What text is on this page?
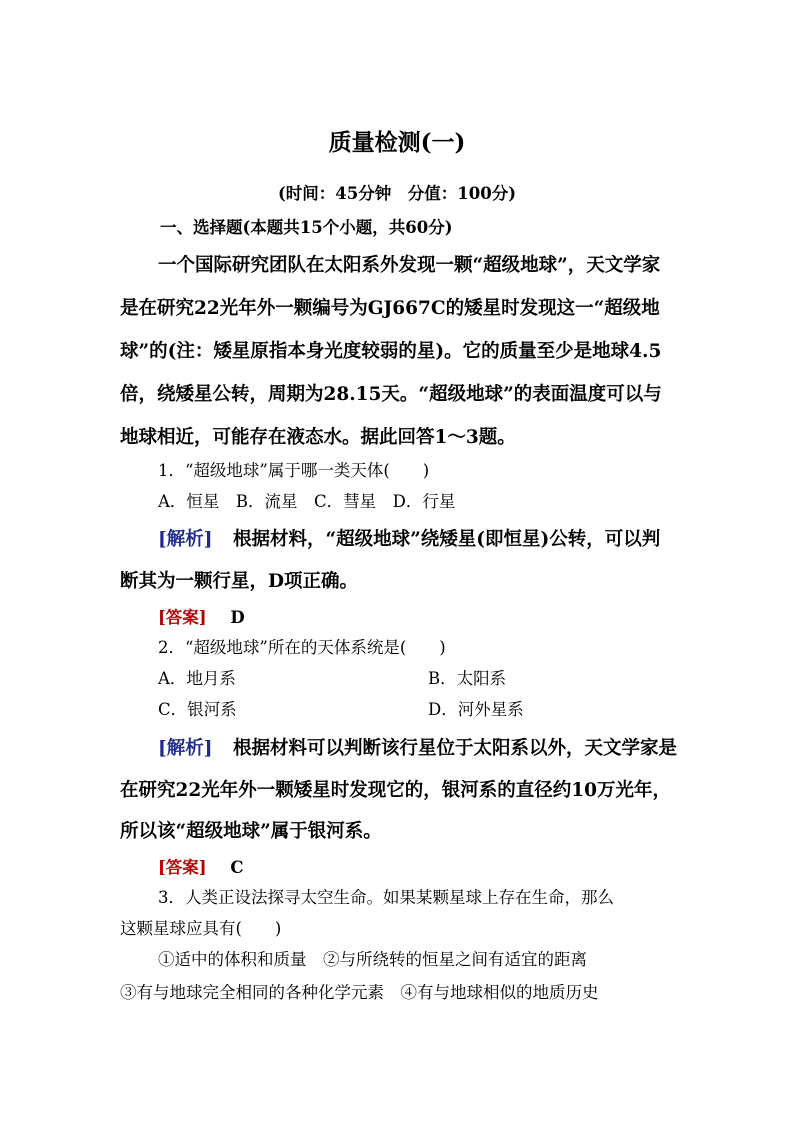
质量检测(一)
(时间：45分钟　分值：100分)
一、选择题(本题共15个小题，共60分)
一个国际研究团队在太阳系外发现一颗“超级地球”，天文学家
是在研究22光年外一颗编号为GJ667C的矮星时发现这一“超级地
球”的(注：矮星原指本身光度较弱的星)。它的质量至少是地球4.5
倍，绕矮星公转，周期为28.15天。“超级地球”的表面温度可以与
地球相近，可能存在液态水。据此回答1～3题。
1．“超级地球”属于哪一类天体(　　)
A．恒星　B．流星　C．彗星　D．行星
[解析] 根据材料，“超级地球”绕矮星(即恒星)公转，可以判
断其为一颗行星，D项正确。
[答案] D
2．“超级地球”所在的天体系统是(　　)
A．地月系	B．太阳系
C．银河系	D．河外星系
[解析] 根据材料可以判断该行星位于太阳系以外，天文学家是
在研究22光年外一颗矮星时发现它的，银河系的直径约10万光年，
所以该“超级地球”属于银河系。
[答案] C
3．人类正设法探寻太空生命。如果某颗星球上存在生命，那么
这颗星球应具有(　　)
①适中的体积和质量　②与所绕转的恒星之间有适宜的距离
③有与地球完全相同的各种化学元素　④有与地球相似的地质历史
